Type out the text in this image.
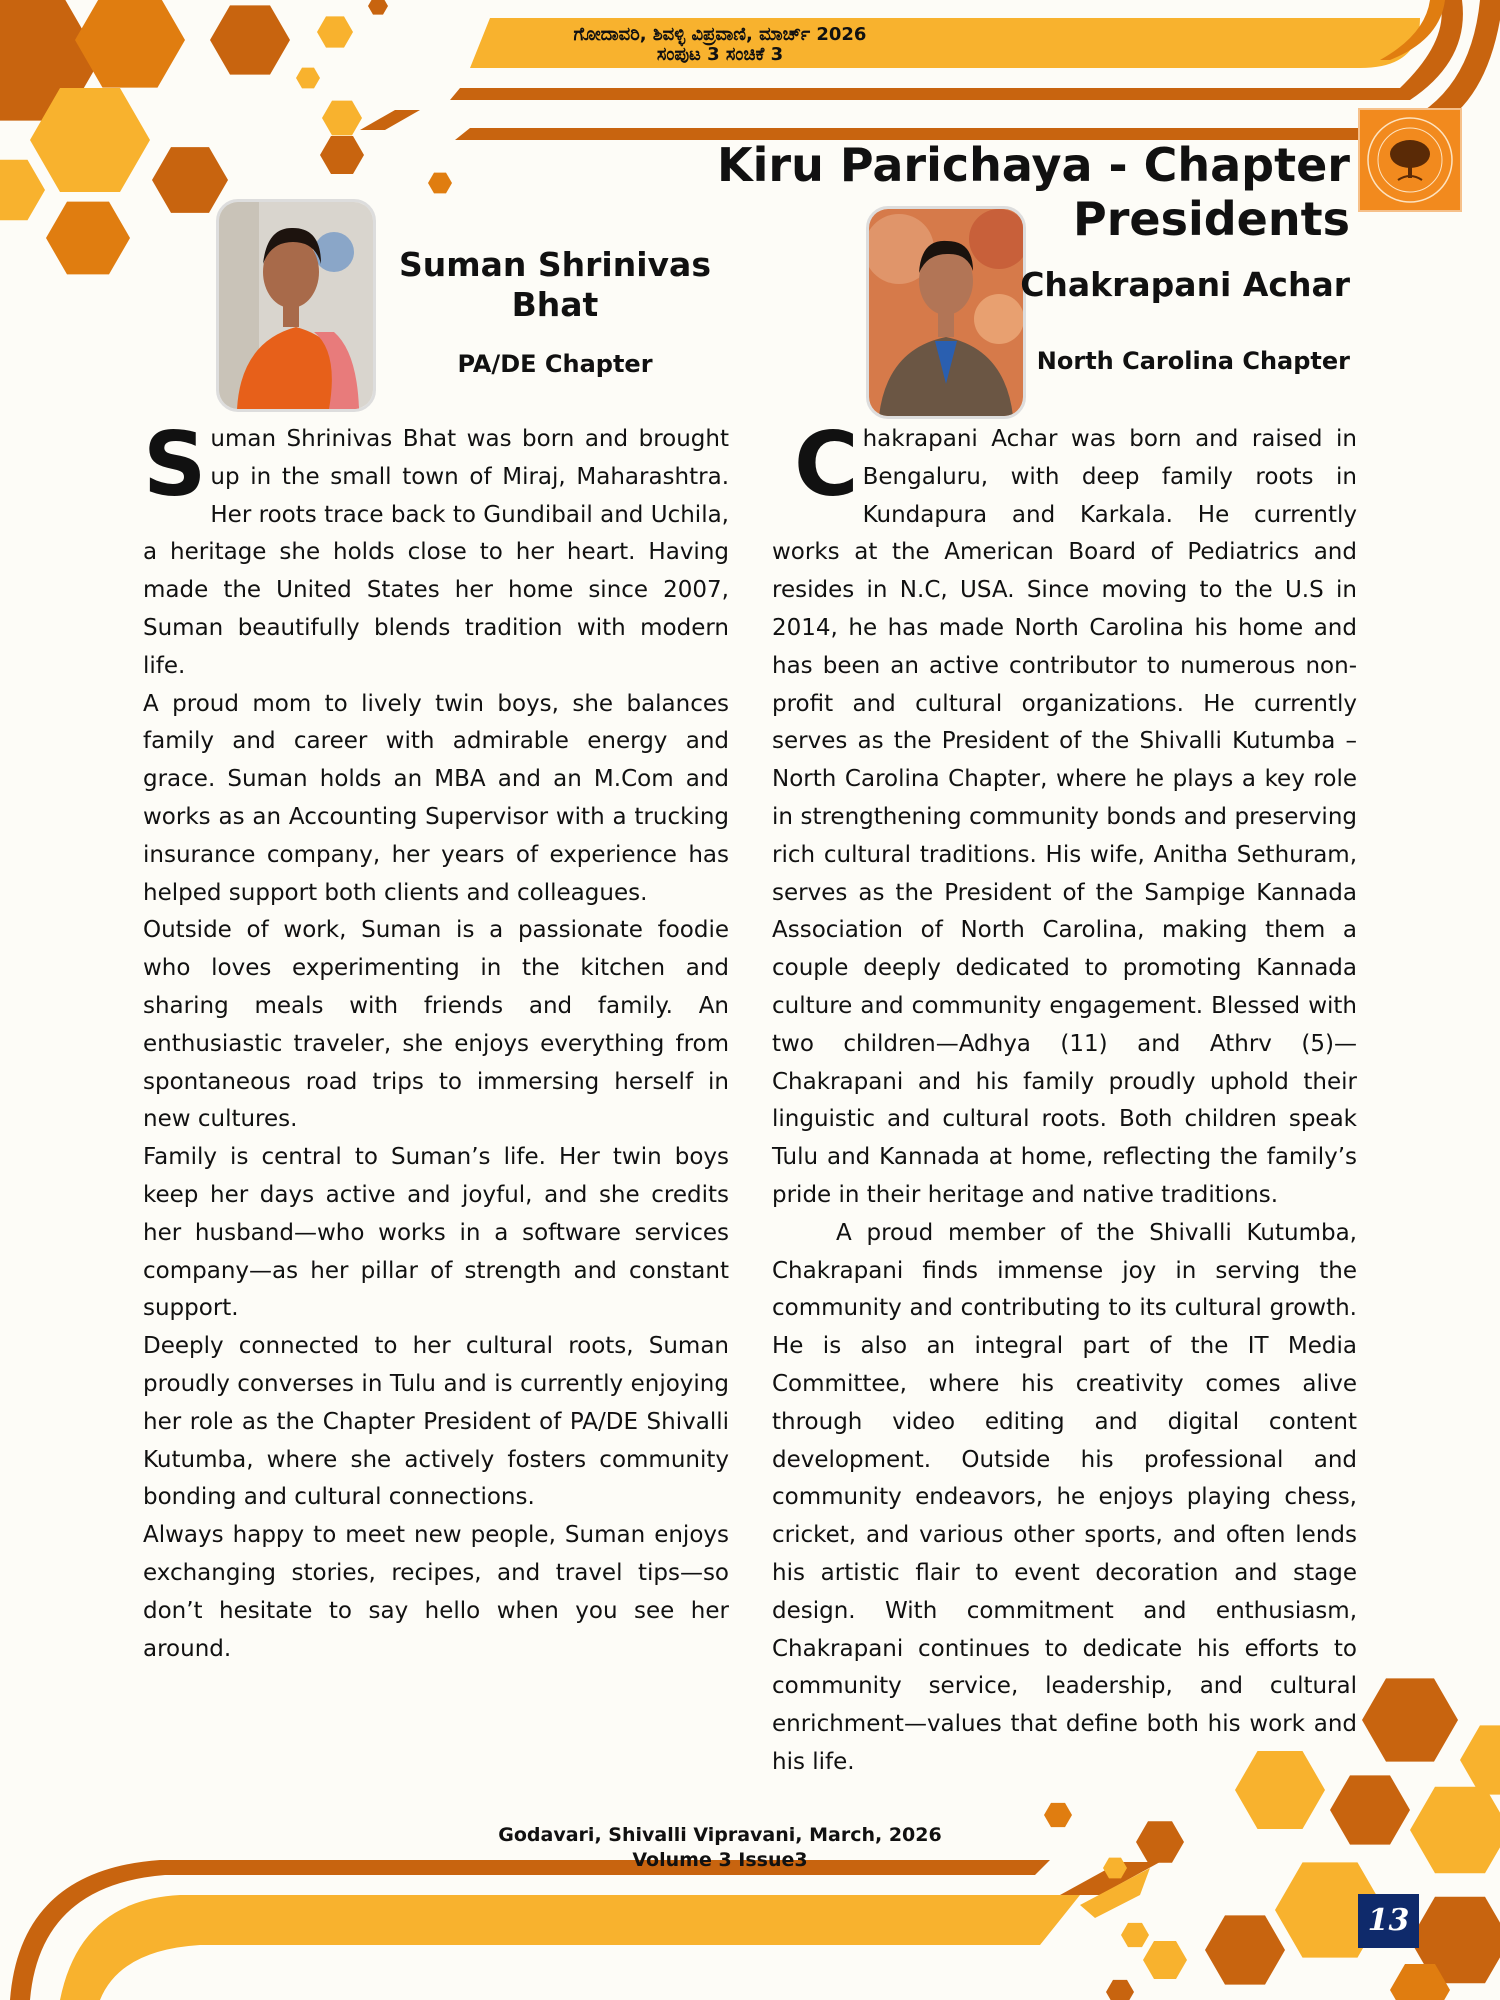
ಗೋದಾವರಿ, ಶಿವಳ್ಳಿ ವಿಪ್ರವಾಣಿ, ಮಾರ್ಚ್ 2026
ಸಂಪುಟ 3 ಸಂಚಿಕೆ 3
Kiru Parichaya - Chapter Presidents
Suman Shrinivas
Bhat
PA/DE Chapter

Suman Shrinivas Bhat was born and brought up in the small town of Miraj, Maharashtra. Her roots trace back to Gundibail and Uchila, a heritage she holds close to her heart. Having made the United States her home since 2007, Suman beautifully blends tradition with modern life.

A proud mom to lively twin boys, she balances family and career with admirable energy and grace. Suman holds an MBA and an M.Com and works as an Accounting Supervisor with a trucking insurance company, her years of experience has helped support both clients and colleagues.

Outside of work, Suman is a passionate foodie who loves experimenting in the kitchen and sharing meals with friends and family. An enthusiastic traveler, she enjoys everything from spontaneous road trips to immersing herself in new cultures.

Family is central to Suman’s life. Her twin boys keep her days active and joyful, and she credits her husband—who works in a software services company—as her pillar of strength and constant support.

Deeply connected to her cultural roots, Suman proudly converses in Tulu and is currently enjoying her role as the Chapter President of PA/DE Shivalli Kutumba, where she actively fosters community bonding and cultural connections.

Always happy to meet new people, Suman enjoys exchanging stories, recipes, and travel tips—so don’t hesitate to say hello when you see her around.

Chakrapani Achar
North Carolina Chapter

Chakrapani Achar was born and raised in Bengaluru, with deep family roots in Kundapura and Karkala. He currently works at the American Board of Pediatrics and resides in N.C, USA. Since moving to the U.S in 2014, he has made North Carolina his home and has been an active contributor to numerous non-profit and cultural organizations. He currently serves as the President of the Shivalli Kutumba – North Carolina Chapter, where he plays a key role in strengthening community bonds and preserving rich cultural traditions. His wife, Anitha Sethuram, serves as the President of the Sampige Kannada Association of North Carolina, making them a couple deeply dedicated to promoting Kannada culture and community engagement. Blessed with two children—Adhya (11) and Athrv (5)—Chakrapani and his family proudly uphold their linguistic and cultural roots. Both children speak Tulu and Kannada at home, reflecting the family’s pride in their heritage and native traditions.

A proud member of the Shivalli Kutumba, Chakrapani finds immense joy in serving the community and contributing to its cultural growth. He is also an integral part of the IT Media Committee, where his creativity comes alive through video editing and digital content development. Outside his professional and community endeavors, he enjoys playing chess, cricket, and various other sports, and often lends his artistic flair to event decoration and stage design. With commitment and enthusiasm, Chakrapani continues to dedicate his efforts to community service, leadership, and cultural enrichment—values that define both his work and his life.

Godavari, Shivalli Vipravani, March, 2026
Volume 3 Issue3
13
